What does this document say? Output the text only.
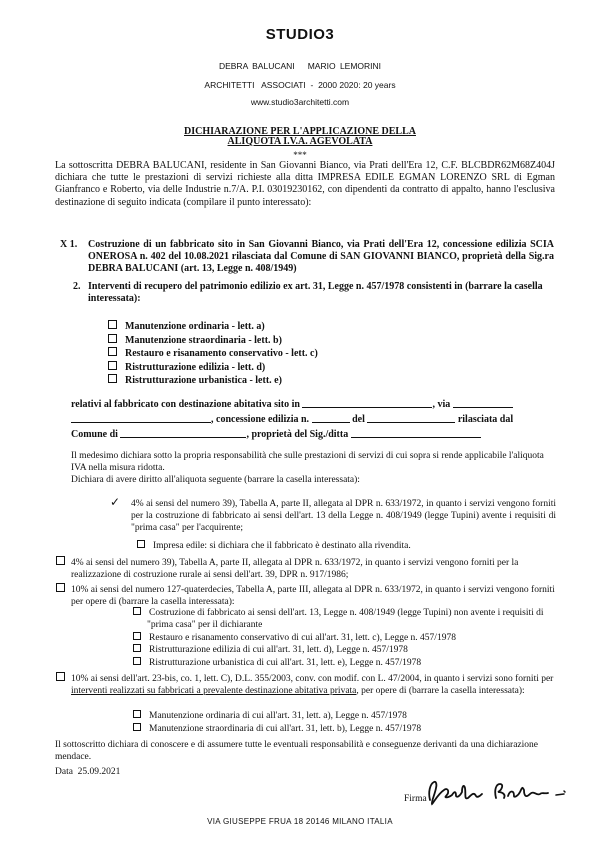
STUDIO3
DEBRA BALUCANI   MARIO LEMORINI
ARCHITETTI   ASSOCIATI  -  2000 2020: 20 years
www.studio3architetti.com
DICHIARAZIONE PER L'APPLICAZIONE DELLA
ALIQUOTA I.V.A. AGEVOLATA
***
La sottoscritta DEBRA BALUCANI, residente in San Giovanni Bianco, via Prati dell'Era 12, C.F. BLCBDR62M68Z404J dichiara che tutte le prestazioni di servizi richieste alla ditta IMPRESA EDILE EGMAN LORENZO SRL di Egman Gianfranco e Roberto, via delle Industrie n.7/A. P.I. 03019230162, con dipendenti da contratto di appalto, hanno l'esclusiva destinazione di seguito indicata (compilare il punto interessato):
X 1. Costruzione di un fabbricato sito in San Giovanni Bianco, via Prati dell'Era 12, concessione edilizia SCIA ONEROSA n. 402 del 10.08.2021 rilasciata dal Comune di SAN GIOVANNI BIANCO, proprietà della Sig.ra DEBRA BALUCANI (art. 13, Legge n. 408/1949)
2. Interventi di recupero del patrimonio edilizio ex art. 31, Legge n. 457/1978 consistenti in (barrare la casella interessata):
Manutenzione ordinaria - lett. a)
Manutenzione straordinaria - lett. b)
Restauro e risanamento conservativo - lett. c)
Ristrutturazione edilizia - lett. d)
Ristrutturazione urbanistica - lett. e)
relativi al fabbricato con destinazione abitativa sito in	, via
, concessione edilizia n.	del	rilasciata dal
Comune di	, proprietà del Sig./ditta
Il medesimo dichiara sotto la propria responsabilità che sulle prestazioni di servizi di cui sopra si rende applicabile l'aliquota IVA nella misura ridotta.
Dichiara di avere diritto all'aliquota seguente (barrare la casella interessata):
✓ 4% ai sensi del numero 39), Tabella A, parte II, allegata al DPR n. 633/1972, in quanto i servizi vengono forniti per la costruzione di fabbricato ai sensi dell'art. 13 della Legge n. 408/1949 (legge Tupini) avente i requisiti di "prima casa" per l'acquirente;
Impresa edile: si dichiara che il fabbricato è destinato alla rivendita.
4% ai sensi del numero 39), Tabella A, parte II, allegata al DPR n. 633/1972, in quanto i servizi vengono forniti per la realizzazione di costruzione rurale ai sensi dell'art. 39, DPR n. 917/1986;
10% ai sensi del numero 127-quaterdecies, Tabella A, parte III, allegata al DPR n. 633/1972, in quanto i servizi vengono forniti per opere di (barrare la casella interessata):
Costruzione di fabbricato ai sensi dell'art. 13, Legge n. 408/1949 (legge Tupini) non avente i requisiti di "prima casa" per il dichiarante
Restauro e risanamento conservativo di cui all'art. 31, lett. c), Legge n. 457/1978
Ristrutturazione edilizia di cui all'art. 31, lett. d), Legge n. 457/1978
Ristrutturazione urbanistica di cui all'art. 31, lett. e), Legge n. 457/1978
10% ai sensi dell'art. 23-bis, co. 1, lett. C), D.L. 355/2003, conv. con modif. con L. 47/2004, in quanto i servizi sono forniti per interventi realizzati su fabbricati a prevalente destinazione abitativa privata, per opere di (barrare la casella interessata):
Manutenzione ordinaria di cui all'art. 31, lett. a), Legge n. 457/1978
Manutenzione straordinaria di cui all'art. 31, lett. b), Legge n. 457/1978
Il sottoscritto dichiara di conoscere e di assumere tutte le eventuali responsabilità e conseguenze derivanti da una dichiarazione mendace.
Data  25.09.2021
Firma
VIA GIUSEPPE FRUA 18 20146 MILANO ITALIA
